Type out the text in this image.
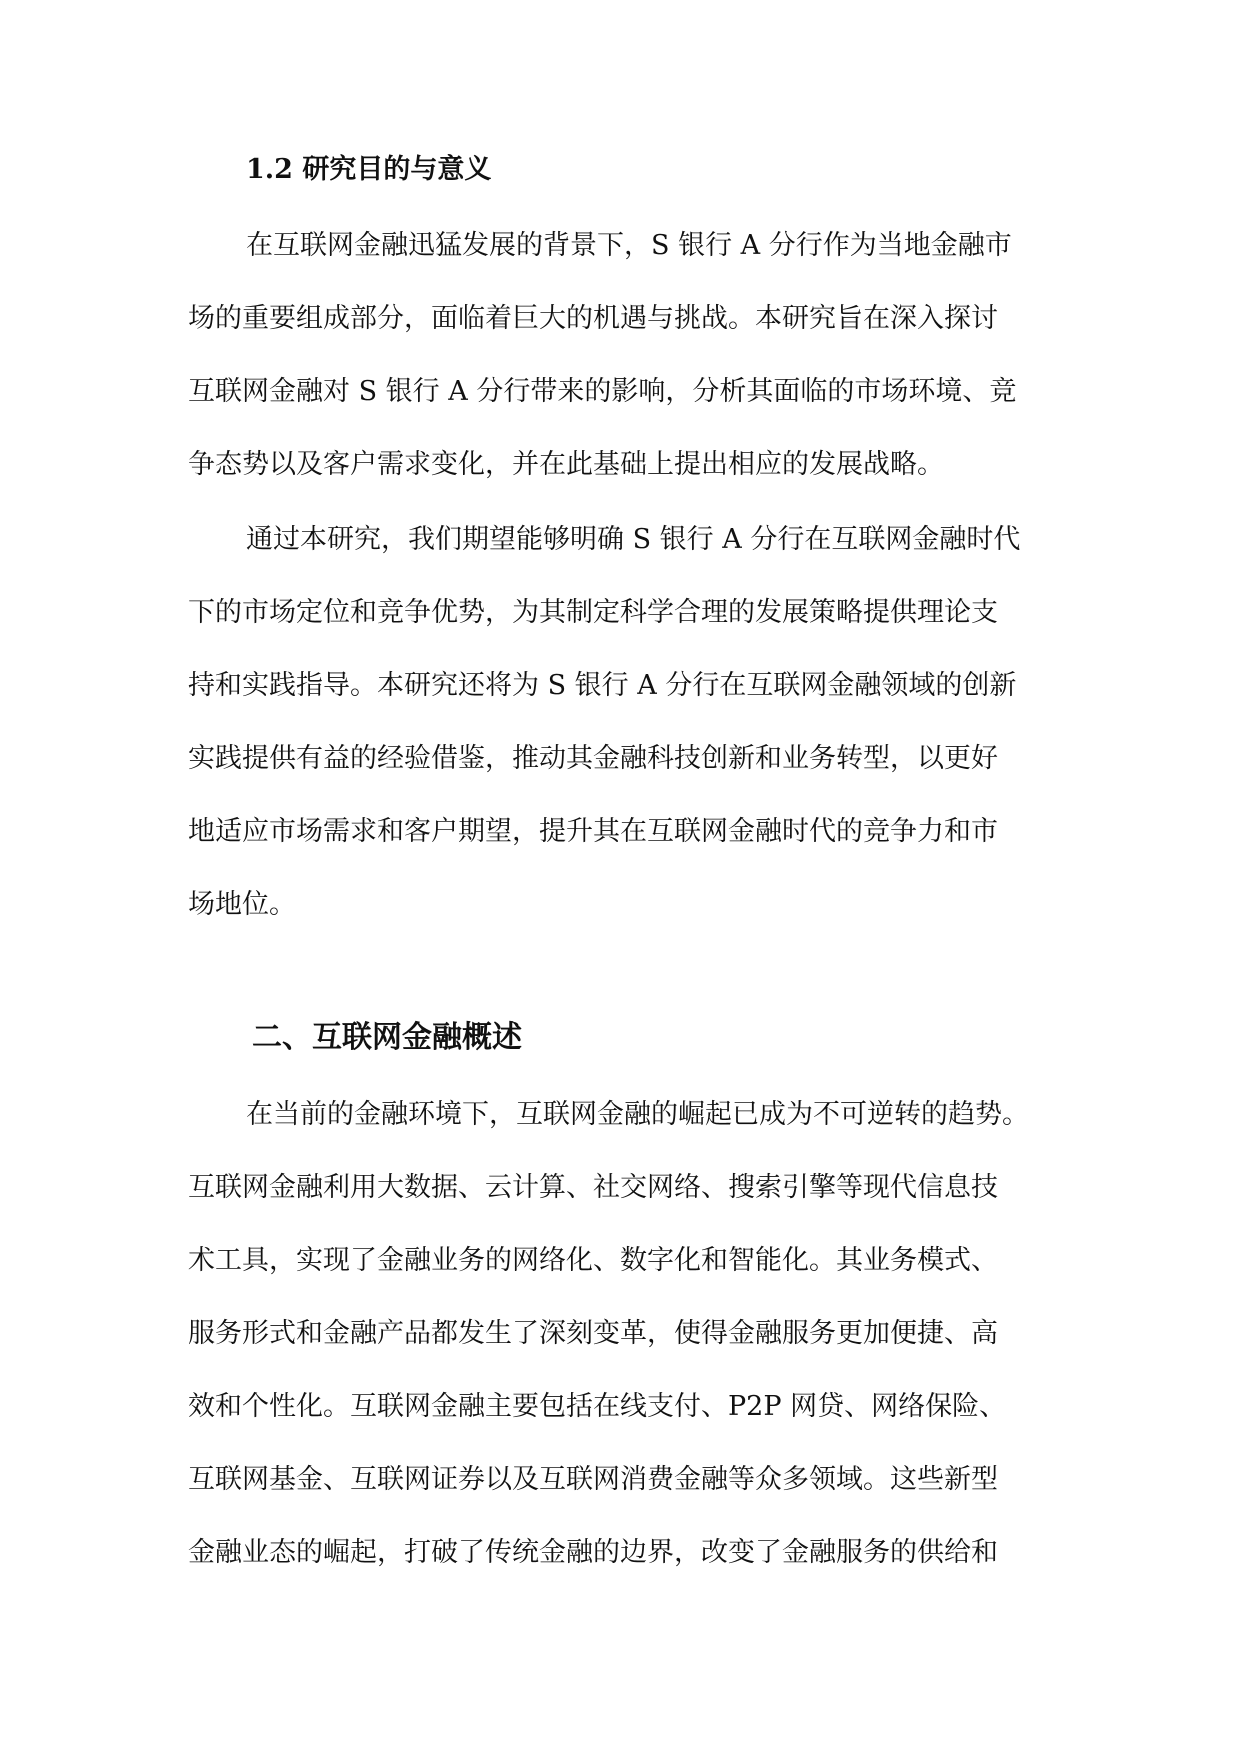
1.2 研究目的与意义
在互联网金融迅猛发展的背景下，S 银行 A 分行作为当地金融市
场的重要组成部分，面临着巨大的机遇与挑战。本研究旨在深入探讨
互联网金融对 S 银行 A 分行带来的影响，分析其面临的市场环境、竞
争态势以及客户需求变化，并在此基础上提出相应的发展战略。
通过本研究，我们期望能够明确 S 银行 A 分行在互联网金融时代
下的市场定位和竞争优势，为其制定科学合理的发展策略提供理论支
持和实践指导。本研究还将为 S 银行 A 分行在互联网金融领域的创新
实践提供有益的经验借鉴，推动其金融科技创新和业务转型，以更好
地适应市场需求和客户期望，提升其在互联网金融时代的竞争力和市
场地位。
二、互联网金融概述
在当前的金融环境下，互联网金融的崛起已成为不可逆转的趋势。
互联网金融利用大数据、云计算、社交网络、搜索引擎等现代信息技
术工具，实现了金融业务的网络化、数字化和智能化。其业务模式、
服务形式和金融产品都发生了深刻变革，使得金融服务更加便捷、高
效和个性化。互联网金融主要包括在线支付、P2P 网贷、网络保险、
互联网基金、互联网证券以及互联网消费金融等众多领域。这些新型
金融业态的崛起，打破了传统金融的边界，改变了金融服务的供给和
